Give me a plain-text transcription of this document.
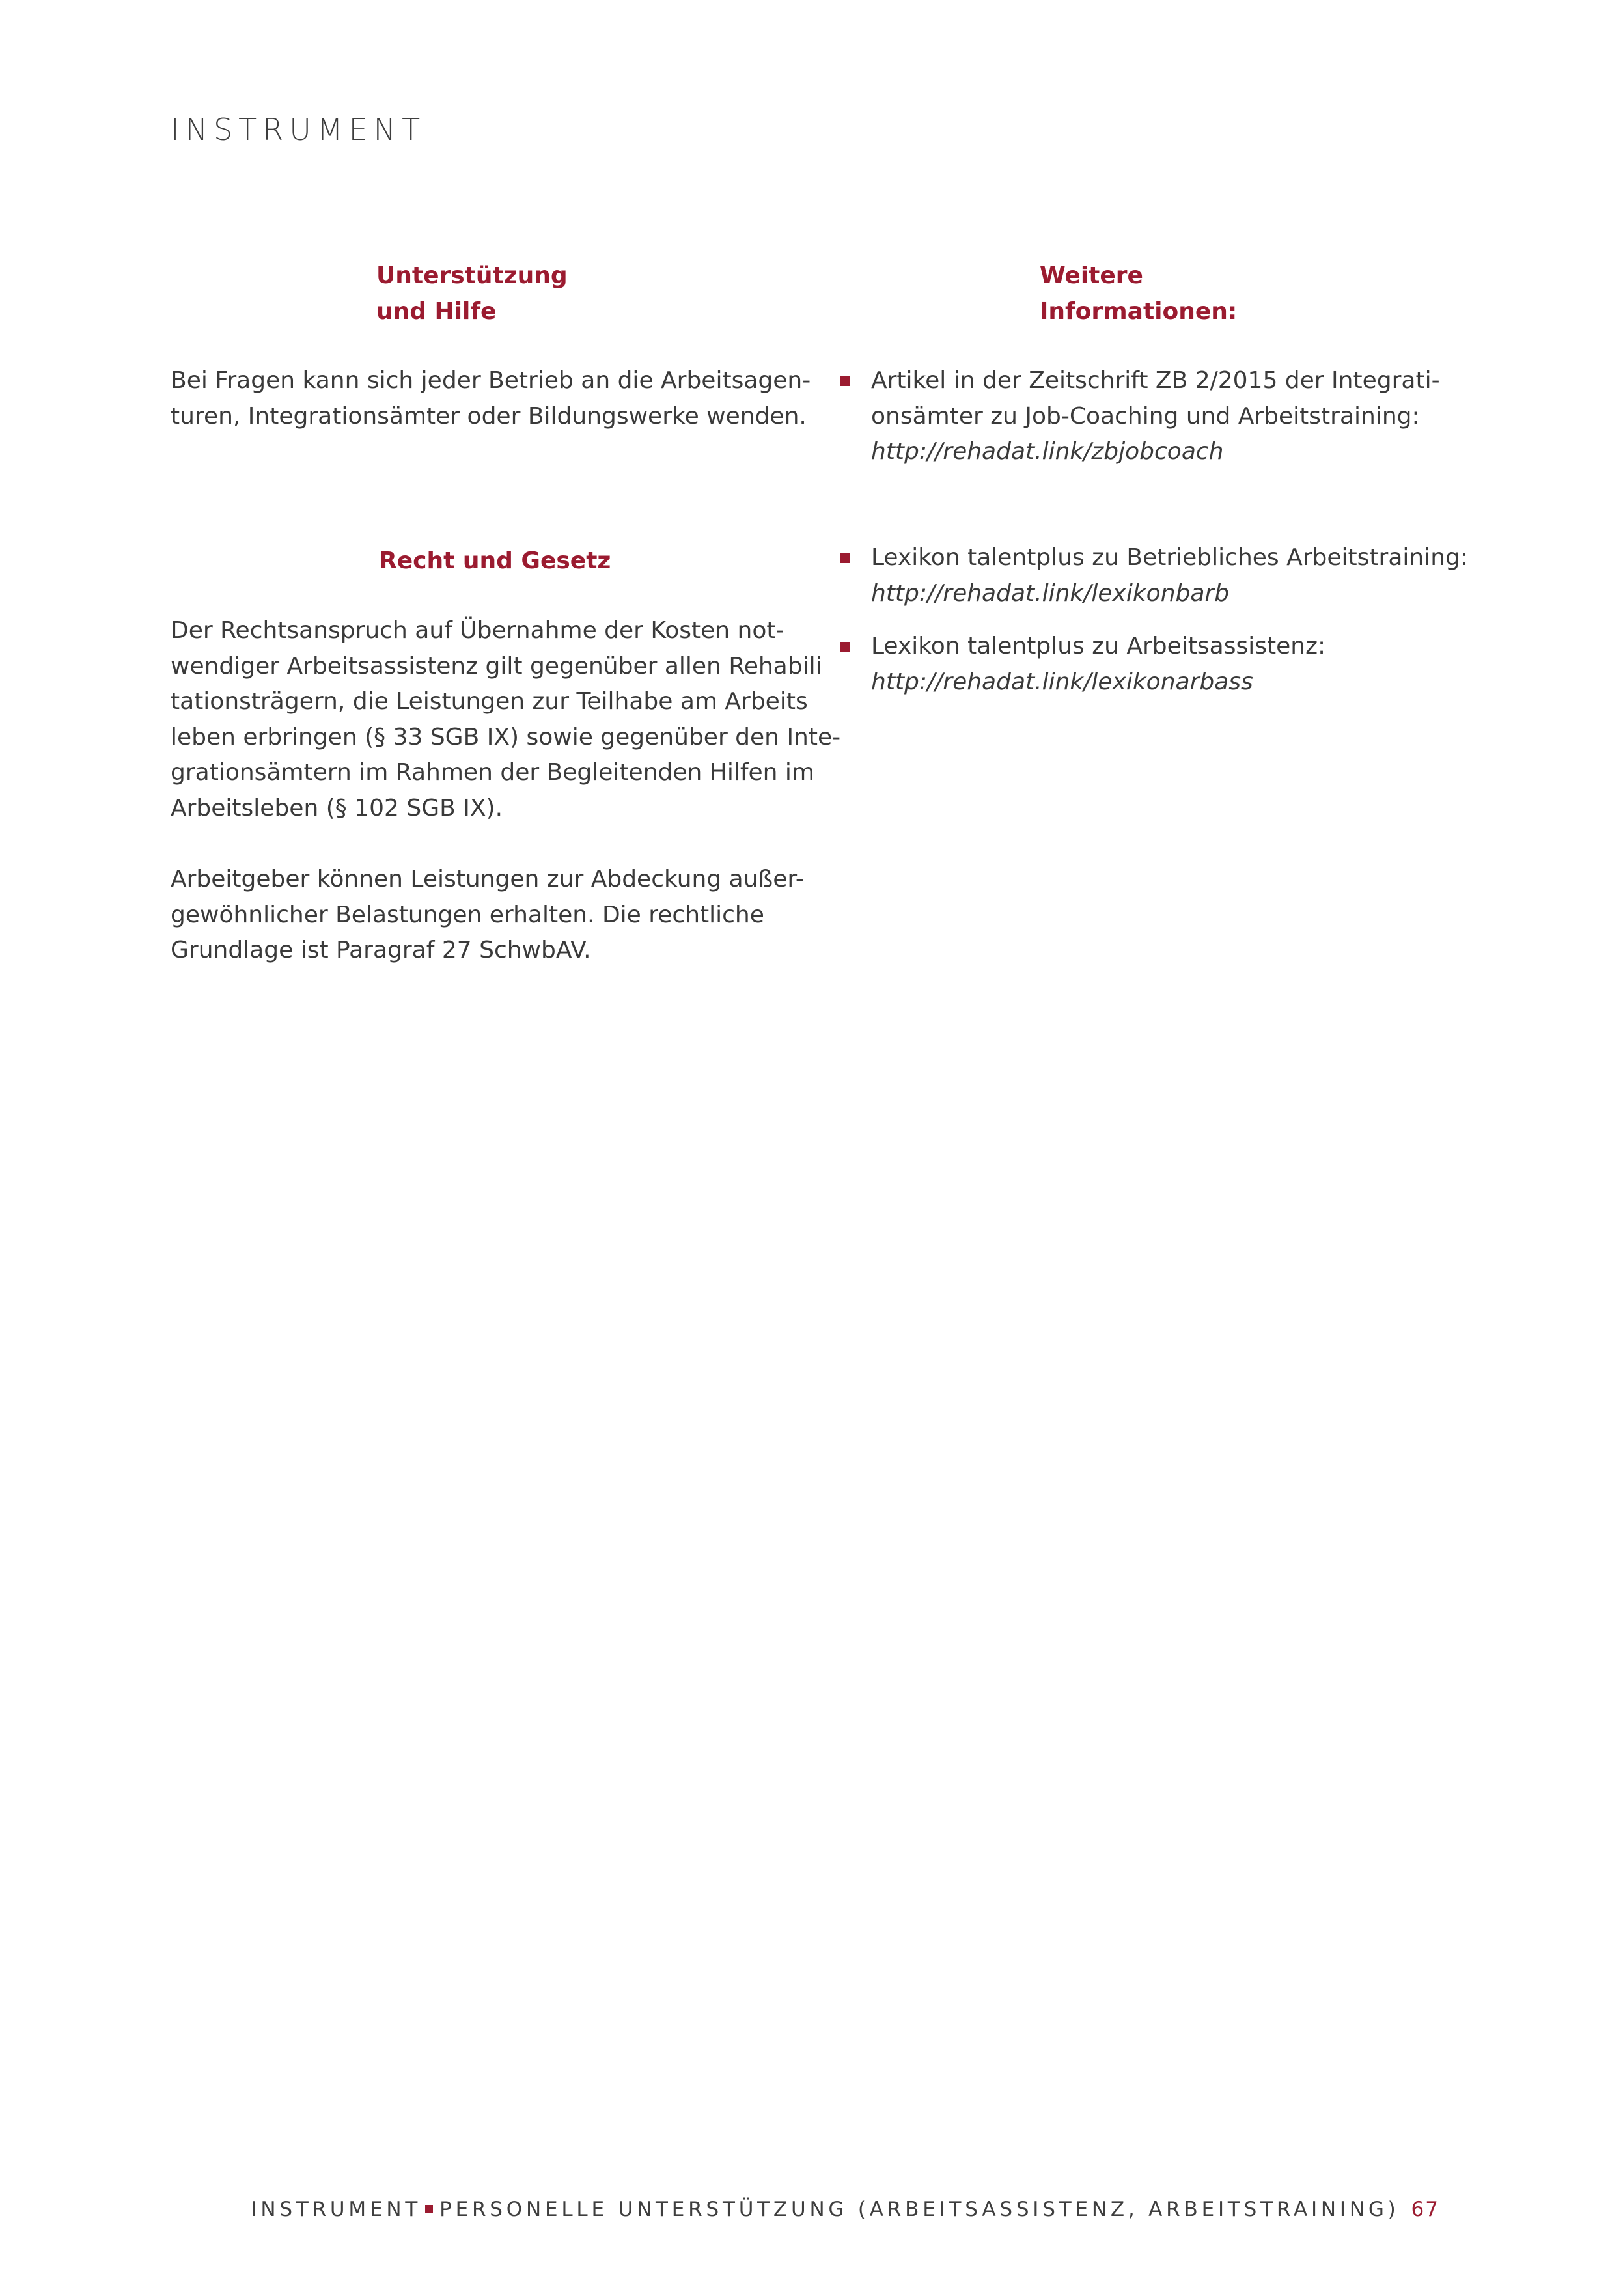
INSTRUMENT
Unterstützung
und Hilfe
Bei Fragen kann sich jeder Betrieb an die Arbeitsagen-
turen, Integrationsämter oder Bildungswerke wenden.
Recht und Gesetz
Der Rechtsanspruch auf Übernahme der Kosten not-
wendiger Arbeitsassistenz gilt gegenüber allen Rehabili
tationsträgern, die Leistungen zur Teilhabe am Arbeits
leben erbringen (§ 33 SGB IX) sowie gegenüber den Inte-
grationsämtern im Rahmen der Begleitenden Hilfen im
Arbeitsleben (§ 102 SGB IX).
Arbeitgeber können Leistungen zur Abdeckung außer-
gewöhnlicher Belastungen erhalten. Die rechtliche
Grundlage ist Paragraf 27 SchwbAV.
Weitere
Informationen:
Artikel in der Zeitschrift ZB 2/2015 der Integrati-
onsämter zu Job-Coaching und Arbeitstraining:
http://rehadat.link/zbjobcoach
Lexikon talentplus zu Betriebliches Arbeitstraining:
http://rehadat.link/lexikonbarb
Lexikon talentplus zu Arbeitsassistenz:
http://rehadat.link/lexikonarbass
INSTRUMENT PERSONELLE UNTERSTÜTZUNG (ARBEITSASSISTENZ, ARBEITSTRAINING) 67
